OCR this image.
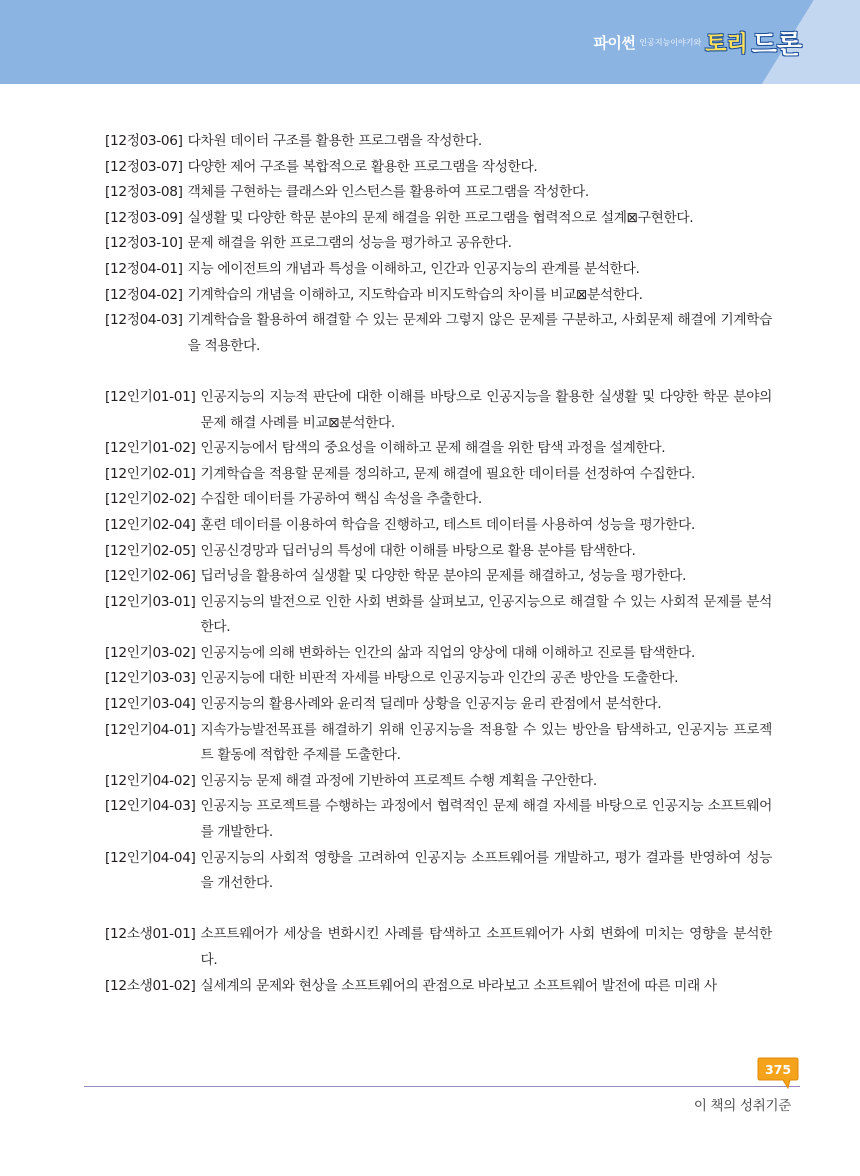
파이썬 인공지능이야기와 토리 드론
[12정03-06] 다차원 데이터 구조를 활용한 프로그램을 작성한다.
[12정03-07] 다양한 제어 구조를 복합적으로 활용한 프로그램을 작성한다.
[12정03-08] 객체를 구현하는 클래스와 인스턴스를 활용하여 프로그램을 작성한다.
[12정03-09] 실생활 및 다양한 학문 분야의 문제 해결을 위한 프로그램을 협력적으로 설계⊠구현한다.
[12정03-10] 문제 해결을 위한 프로그램의 성능을 평가하고 공유한다.
[12정04-01] 지능 에이전트의 개념과 특성을 이해하고, 인간과 인공지능의 관계를 분석한다.
[12정04-02] 기계학습의 개념을 이해하고, 지도학습과 비지도학습의 차이를 비교⊠분석한다.
[12정04-03] 기계학습을 활용하여 해결할 수 있는 문제와 그렇지 않은 문제를 구분하고, 사회문제 해결에 기계학습을 적용한다.
[12인기01-01] 인공지능의 지능적 판단에 대한 이해를 바탕으로 인공지능을 활용한 실생활 및 다양한 학문 분야의 문제 해결 사례를 비교⊠분석한다.
[12인기01-02] 인공지능에서 탐색의 중요성을 이해하고 문제 해결을 위한 탐색 과정을 설계한다.
[12인기02-01] 기계학습을 적용할 문제를 정의하고, 문제 해결에 필요한 데이터를 선정하여 수집한다.
[12인기02-02] 수집한 데이터를 가공하여 핵심 속성을 추출한다.
[12인기02-04] 훈련 데이터를 이용하여 학습을 진행하고, 테스트 데이터를 사용하여 성능을 평가한다.
[12인기02-05] 인공신경망과 딥러닝의 특성에 대한 이해를 바탕으로 활용 분야를 탐색한다.
[12인기02-06] 딥러닝을 활용하여 실생활 및 다양한 학문 분야의 문제를 해결하고, 성능을 평가한다.
[12인기03-01] 인공지능의 발전으로 인한 사회 변화를 살펴보고, 인공지능으로 해결할 수 있는 사회적 문제를 분석한다.
[12인기03-02] 인공지능에 의해 변화하는 인간의 삶과 직업의 양상에 대해 이해하고 진로를 탐색한다.
[12인기03-03] 인공지능에 대한 비판적 자세를 바탕으로 인공지능과 인간의 공존 방안을 도출한다.
[12인기03-04] 인공지능의 활용사례와 윤리적 딜레마 상황을 인공지능 윤리 관점에서 분석한다.
[12인기04-01] 지속가능발전목표를 해결하기 위해 인공지능을 적용할 수 있는 방안을 탐색하고, 인공지능 프로젝트 활동에 적합한 주제를 도출한다.
[12인기04-02] 인공지능 문제 해결 과정에 기반하여 프로젝트 수행 계획을 구안한다.
[12인기04-03] 인공지능 프로젝트를 수행하는 과정에서 협력적인 문제 해결 자세를 바탕으로 인공지능 소프트웨어를 개발한다.
[12인기04-04] 인공지능의 사회적 영향을 고려하여 인공지능 소프트웨어를 개발하고, 평가 결과를 반영하여 성능을 개선한다.
[12소생01-01] 소프트웨어가 세상을 변화시킨 사례를 탐색하고 소프트웨어가 사회 변화에 미치는 영향을 분석한다.
[12소생01-02] 실세계의 문제와 현상을 소프트웨어의 관점으로 바라보고 소프트웨어 발전에 따른 미래 사
375
이 책의 성취기준
